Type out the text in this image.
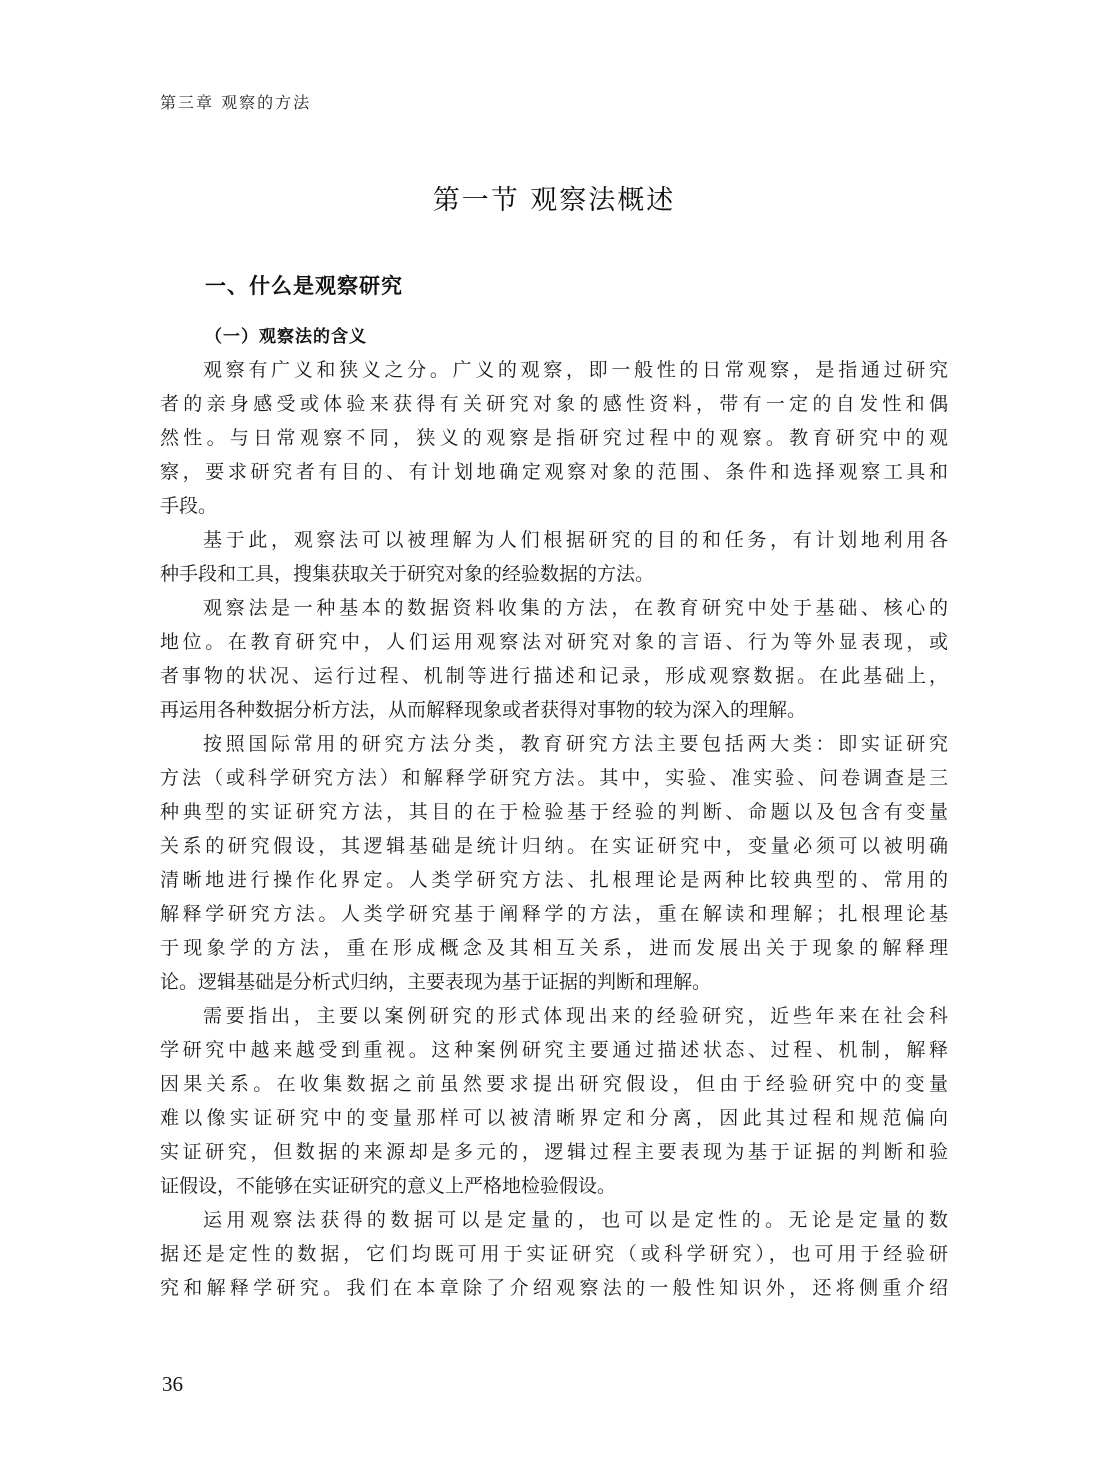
第三章 观察的方法
第一节 观察法概述
一、什么是观察研究
（一）观察法的含义
观察有广义和狭义之分。广义的观察，即一般性的日常观察，是指通过研究
者的亲身感受或体验来获得有关研究对象的感性资料，带有一定的自发性和偶
然性。与日常观察不同，狭义的观察是指研究过程中的观察。教育研究中的观
察，要求研究者有目的、有计划地确定观察对象的范围、条件和选择观察工具和
手段。
基于此，观察法可以被理解为人们根据研究的目的和任务，有计划地利用各
种手段和工具，搜集获取关于研究对象的经验数据的方法。
观察法是一种基本的数据资料收集的方法，在教育研究中处于基础、核心的
地位。在教育研究中，人们运用观察法对研究对象的言语、行为等外显表现，或
者事物的状况、运行过程、机制等进行描述和记录，形成观察数据。在此基础上，
再运用各种数据分析方法，从而解释现象或者获得对事物的较为深入的理解。
按照国际常用的研究方法分类，教育研究方法主要包括两大类：即实证研究
方法（或科学研究方法）和解释学研究方法。其中，实验、准实验、问卷调查是三
种典型的实证研究方法，其目的在于检验基于经验的判断、命题以及包含有变量
关系的研究假设，其逻辑基础是统计归纳。在实证研究中，变量必须可以被明确
清晰地进行操作化界定。人类学研究方法、扎根理论是两种比较典型的、常用的
解释学研究方法。人类学研究基于阐释学的方法，重在解读和理解；扎根理论基
于现象学的方法，重在形成概念及其相互关系，进而发展出关于现象的解释理
论。逻辑基础是分析式归纳，主要表现为基于证据的判断和理解。
需要指出，主要以案例研究的形式体现出来的经验研究，近些年来在社会科
学研究中越来越受到重视。这种案例研究主要通过描述状态、过程、机制，解释
因果关系。在收集数据之前虽然要求提出研究假设，但由于经验研究中的变量
难以像实证研究中的变量那样可以被清晰界定和分离，因此其过程和规范偏向
实证研究，但数据的来源却是多元的，逻辑过程主要表现为基于证据的判断和验
证假设，不能够在实证研究的意义上严格地检验假设。
运用观察法获得的数据可以是定量的，也可以是定性的。无论是定量的数
据还是定性的数据，它们均既可用于实证研究（或科学研究），也可用于经验研
究和解释学研究。我们在本章除了介绍观察法的一般性知识外，还将侧重介绍
36
